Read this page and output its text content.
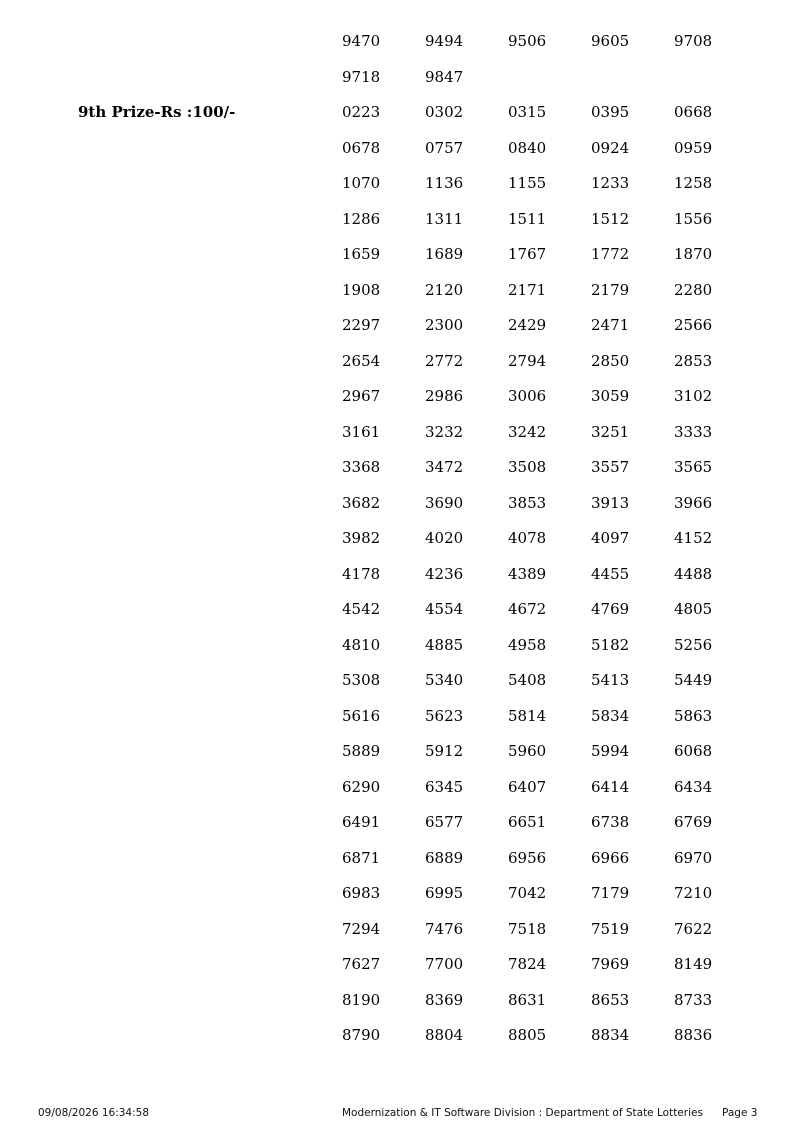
9470	9494	9506	9605	9708
9718	9847
9th Prize-Rs :100/-	0223	0302	0315	0395	0668
0678	0757	0840	0924	0959
1070	1136	1155	1233	1258
1286	1311	1511	1512	1556
1659	1689	1767	1772	1870
1908	2120	2171	2179	2280
2297	2300	2429	2471	2566
2654	2772	2794	2850	2853
2967	2986	3006	3059	3102
3161	3232	3242	3251	3333
3368	3472	3508	3557	3565
3682	3690	3853	3913	3966
3982	4020	4078	4097	4152
4178	4236	4389	4455	4488
4542	4554	4672	4769	4805
4810	4885	4958	5182	5256
5308	5340	5408	5413	5449
5616	5623	5814	5834	5863
5889	5912	5960	5994	6068
6290	6345	6407	6414	6434
6491	6577	6651	6738	6769
6871	6889	6956	6966	6970
6983	6995	7042	7179	7210
7294	7476	7518	7519	7622
7627	7700	7824	7969	8149
8190	8369	8631	8653	8733
8790	8804	8805	8834	8836
09/08/2026 16:34:58	Modernization & IT Software Division : Department of State Lotteries Page 3
